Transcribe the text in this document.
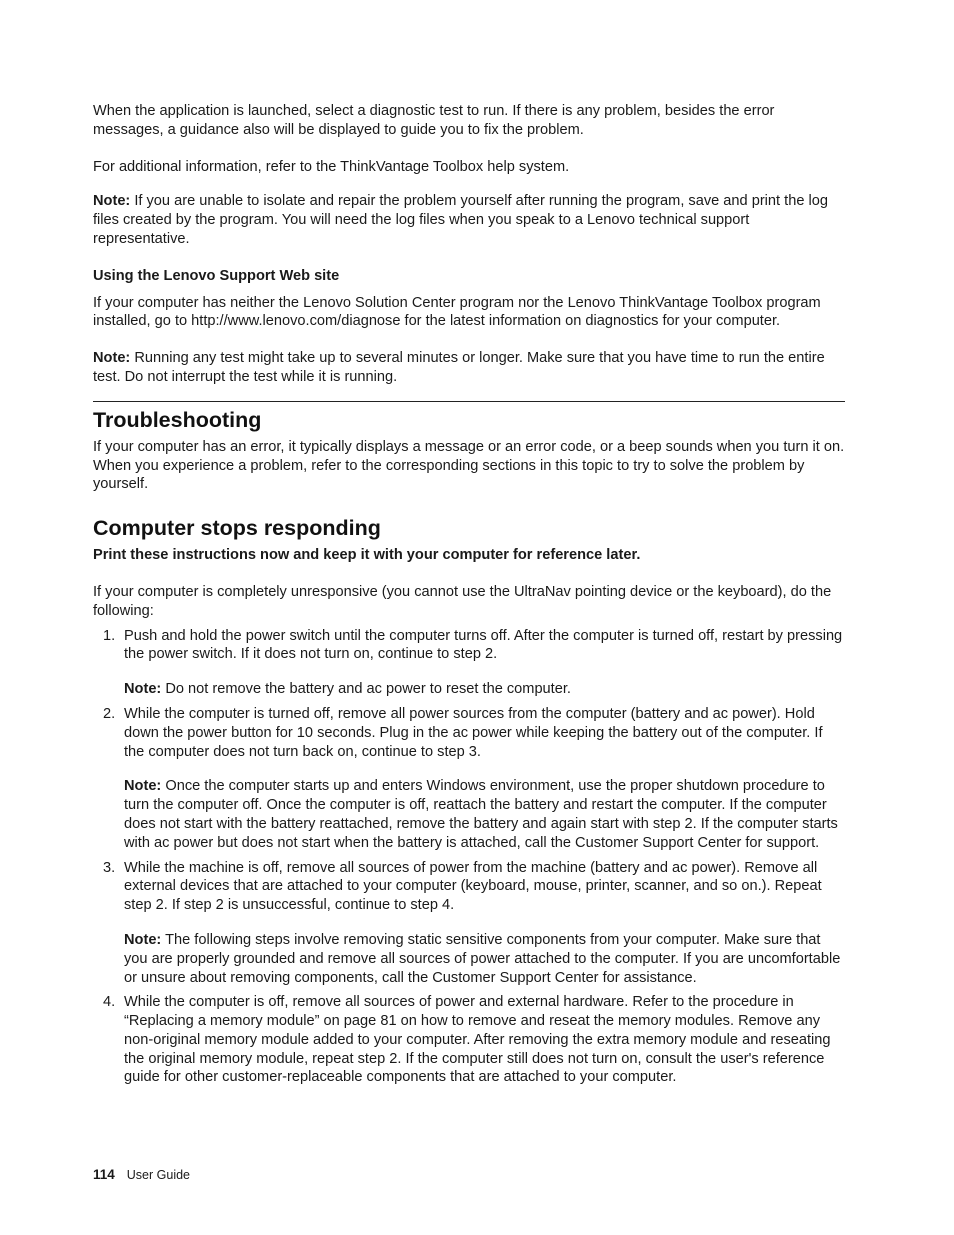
When the application is launched, select a diagnostic test to run. If there is any problem, besides the error messages, a guidance also will be displayed to guide you to fix the problem.

For additional information, refer to the ThinkVantage Toolbox help system.

Note: If you are unable to isolate and repair the problem yourself after running the program, save and print the log files created by the program. You will need the log files when you speak to a Lenovo technical support representative.

Using the Lenovo Support Web site

If your computer has neither the Lenovo Solution Center program nor the Lenovo ThinkVantage Toolbox program installed, go to http://www.lenovo.com/diagnose for the latest information on diagnostics for your computer.

Note: Running any test might take up to several minutes or longer. Make sure that you have time to run the entire test. Do not interrupt the test while it is running.

Troubleshooting

If your computer has an error, it typically displays a message or an error code, or a beep sounds when you turn it on. When you experience a problem, refer to the corresponding sections in this topic to try to solve the problem by yourself.

Computer stops responding

Print these instructions now and keep it with your computer for reference later.

If your computer is completely unresponsive (you cannot use the UltraNav pointing device or the keyboard), do the following:

1. Push and hold the power switch until the computer turns off. After the computer is turned off, restart by pressing the power switch. If it does not turn on, continue to step 2.

Note: Do not remove the battery and ac power to reset the computer.

2. While the computer is turned off, remove all power sources from the computer (battery and ac power). Hold down the power button for 10 seconds. Plug in the ac power while keeping the battery out of the computer. If the computer does not turn back on, continue to step 3.

Note: Once the computer starts up and enters Windows environment, use the proper shutdown procedure to turn the computer off. Once the computer is off, reattach the battery and restart the computer. If the computer does not start with the battery reattached, remove the battery and again start with step 2. If the computer starts with ac power but does not start when the battery is attached, call the Customer Support Center for support.

3. While the machine is off, remove all sources of power from the machine (battery and ac power). Remove all external devices that are attached to your computer (keyboard, mouse, printer, scanner, and so on.). Repeat step 2. If step 2 is unsuccessful, continue to step 4.

Note: The following steps involve removing static sensitive components from your computer. Make sure that you are properly grounded and remove all sources of power attached to the computer. If you are uncomfortable or unsure about removing components, call the Customer Support Center for assistance.

4. While the computer is off, remove all sources of power and external hardware. Refer to the procedure in “Replacing a memory module” on page 81 on how to remove and reseat the memory modules. Remove any non-original memory module added to your computer. After removing the extra memory module and reseating the original memory module, repeat step 2. If the computer still does not turn on, consult the user's reference guide for other customer-replaceable components that are attached to your computer.

114 User Guide
